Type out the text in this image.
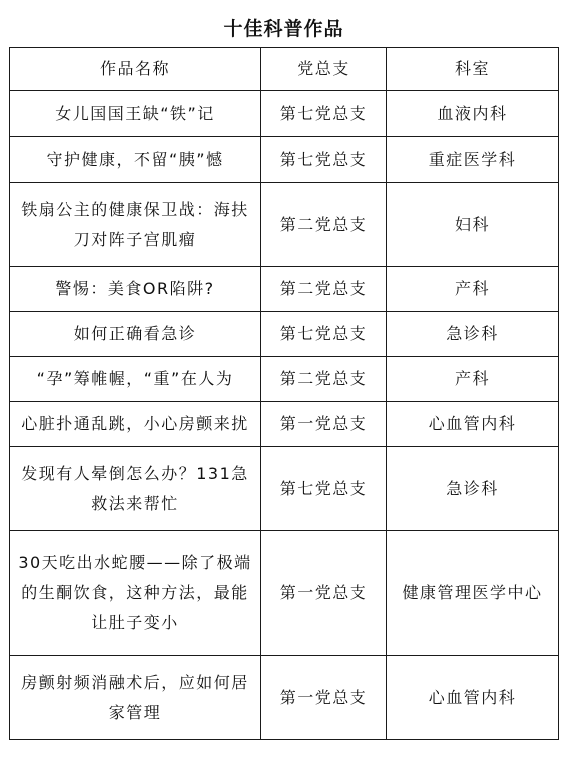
十佳科普作品
作品名称	党总支	科室
女儿国国王缺“铁”记	第七党总支	血液内科
守护健康，不留“胰”憾	第七党总支	重症医学科
铁扇公主的健康保卫战：海扶刀对阵子宫肌瘤	第二党总支	妇科
警惕：美食OR陷阱?	第二党总支	产科
如何正确看急诊	第七党总支	急诊科
“孕”筹帷幄，“重”在人为	第二党总支	产科
心脏扑通乱跳，小心房颤来扰	第一党总支	心血管内科
发现有人晕倒怎么办？131急救法来帮忙	第七党总支	急诊科
30天吃出水蛇腰——除了极端的生酮饮食，这种方法，最能让肚子变小	第一党总支	健康管理医学中心
房颤射频消融术后，应如何居家管理	第一党总支	心血管内科
